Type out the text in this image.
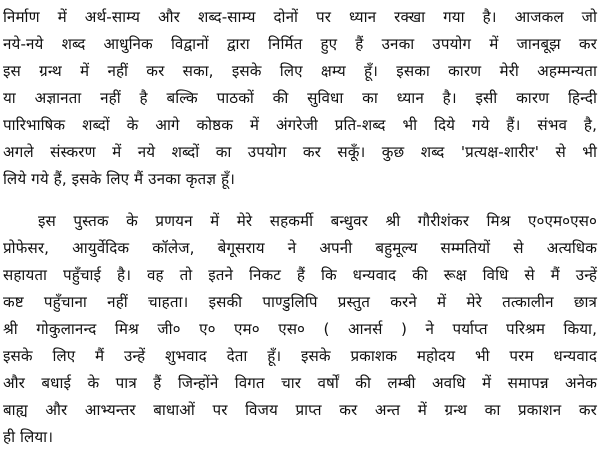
निर्माण में अर्थ-साम्य और शब्द-साम्य दोनों पर ध्यान रक्खा गया है। आजकल जो
नये-नये शब्द आधुनिक विद्वानों द्वारा निर्मित हुए हैं उनका उपयोग में जानबूझ कर
इस ग्रन्थ में नहीं कर सका, इसके लिए क्षम्य हूँ। इसका कारण मेरी अहम्मन्यता
या अज्ञानता नहीं है बल्कि पाठकों की सुविधा का ध्यान है। इसी कारण हिन्दी
पारिभाषिक शब्दों के आगे कोष्ठक में अंगरेजी प्रति-शब्द भी दिये गये हैं। संभव है,
अगले संस्करण में नये शब्दों का उपयोग कर सकूँ। कुछ शब्द 'प्रत्यक्ष-शारीर' से भी
लिये गये हैं, इसके लिए मैं उनका कृतज्ञ हूँ।
इस पुस्तक के प्रणयन में मेरे सहकर्मी बन्धुवर श्री गौरीशंकर मिश्र ए०एम०एस०
प्रोफेसर, आयुर्वेदिक कॉलेज, बेगूसराय ने अपनी बहुमूल्य सम्मतियों से अत्यधिक
सहायता पहुँचाई है। वह तो इतने निकट हैं कि धन्यवाद की रूक्ष विधि से मैं उन्हें
कष्ट पहुँचाना नहीं चाहता। इसकी पाण्डुलिपि प्रस्तुत करने में मेरे तत्कालीन छात्र
श्री गोकुलानन्द मिश्र जी० ए० एम० एस० ( आनर्स ) ने पर्याप्त परिश्रम किया,
इसके लिए मैं उन्हें शुभवाद देता हूँ। इसके प्रकाशक महोदय भी परम धन्यवाद
और बधाई के पात्र हैं जिन्होंने विगत चार वर्षों की लम्बी अवधि में समापन्न अनेक
बाह्य और आभ्यन्तर बाधाओं पर विजय प्राप्त कर अन्त में ग्रन्थ का प्रकाशन कर
ही लिया।
